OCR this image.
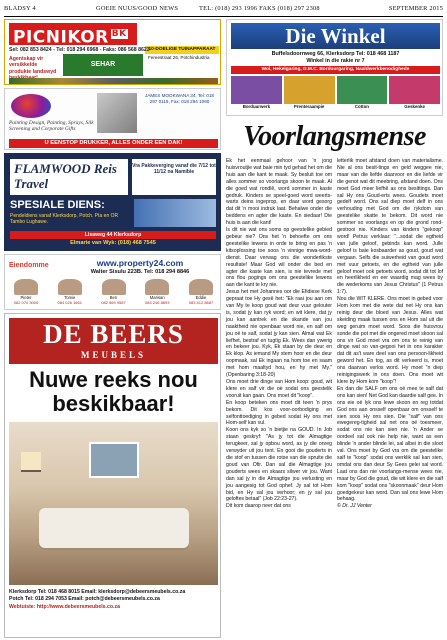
BLADSY 4	GOEIE NUUS/GOOD NEWS	TEL: (018) 293 1996 FAKS (018) 297 2308	SEPTEMBER 2015
PICNIKOR $^{BK}$
10-DOELIGE TUINAPPARAAT
Fereestraat 26, Potchindustria
Sel: 082 853 8424 - Tel: 018 294 6968 - Faks: 086 568 8623
Agentskap vir versikkelde produkte landswyd
SEHAR
Painting Design, Painting, Sprays, Silk Screening and Corporate Gifts
JAMES MOOKWANA 34, Tel: 018 297 0119, Fax: 018 294 1060
U EENSTOP DRUKKER, ALLES ONDER EEN DAK!
FLAMWOOD Reis Travel
Vra Pakkeverging vanaf die 7/12 tot 11/12 na Namibie
SPESIALE DIENS:
Pendeldiens vanaf Klerksdorp, Potch. Pta en OR Tambo Lughawe.
Lisaweg 44 Klerksdorp
Elmarie van Wyk: (018) 468 7545
Eiendomme	www.property24.com
Walter Sisulu 223B. Tel: 018 294 8846
Pieter
082 070 3000
Tomie
084 026 1661
Ben
082 569 9587
Marisan
084 246 8893
Eddie
083 412 8687
DE BEERS
MEUBELS
Nuwe reeks nou beskikbaar!
Klerksdorp Tel: 018 468 8015 Email: klerksdorp@debeersmeubels.co.za
Potch Tel: 018 294 7053 Email: potch@debeersmeubels.co.za
Webtuiste: http://www.debeersmeubels.co.za
Die Winkel
Buffelsdoornweg 66, Klerksdorp Tel: 018 468 1187
Winkel in die rakie nr 7
Wol, Hekelgaring, D.M.C. Borduurgaring, Naaldwerkbenodighede
Borduurwerk	Prenteraampie	Cotton	Geskenke
Voorlangsmense

Ek het eenmaal gehoor van 'n jong huisvroutjie wat baie min tyd gehad het om die huis aan die kant te maak. Sy besluit toe om alles sommer so voorlangs skoon te maak. Al die goed wat rondlê, word sommer in kaste gedruk. Kinders se speel-goed word weerts-warts deins ingeprop, en daar word gesorg dat dit 'n mooi indruk laat. Behalwe onder die beddens en agter die kaste. En siedaar! Die huis is aan die kant!

Is dit nie wat ons soms op geestelike gebied gebeur nie? Ons het 'n behoefte om ons geestelike lewens in orde te bring en pas 'n kitsoplossing toe soos 'n vinnige mwa-word-dienst. Daar verwag ons die wonderlikste resultate! Maar God wil onder die bed en agter die kaste kan sien, is nie tevrede met ons flou pogings om ons geestelike lewens aan die kant te kry nie.

Jesus het met Johannes oor die Efidiese Kerk gepraat toe Hy gesê het: "Ek raai jou aan om van My te koop goud wat deur vuur gelouter is, sodat jy kan ryk word; en wit klere, dat jy jou kan aantrek en die skande van jou naaktheid nie openbaar word nie, en salf om jou oë te salf, sodat jy kan sien. Almal wat Ek liefhet, bestraf en tugtig Ek. Wees dan ywerig en bekeer jou. Kyk, Ek staan by die deur en Ek klop. As iemand My stem hoor en die deur oopmaak, sal Ek ingaan na hom toe en saam met hom maaltyd hou, en hy met My." (Openbaring 3:18-20)

Ons moet drie dinge van Hom koop: goud, wit klere en salf vir die oë sodat ons geestelik vooruit kan gaan. Ons moet dit "koop".

En koop beteken ons moet dit teen 'n prys bekom. Dit kos voor-oorbodiging en selfonttoediging in gebed sodat Hy ons met Hom-self kan vul.

Koon ons kyk so 'n bietjie na GOUD. In Job staan geskryf: "As jy tot die Almagtige terugkeer, sal jy opbou word, as jy die onreg verwyder uit jou tent. En gooi die gouderts in die stof en tussen die rotse van die spruite die goud van Ofir. Dan sal die Almagtige jou gouderts wees en skaars silwer vir jou. Want dan sal jy in die Almagtige jou verlusting en jou aangesig tot God ophef. Jy sal tot Hom bid, en Hy sal jou verhoor; en jy sal jou geloftes betaal" (Job 22:23-27).

Dit kom daarop neer dat ons

letterlik moet afstand doen van materialisme. Nie al ons besit-tings en geld weggee nie, maar van die liefde daarvoor en die liefde vir die genot wat dit meebring, afstand doen. Ons moet God meer liefhê as ons besittings. Dan sal Hy ons Goud-erts wees. Goudets moet gedelf word. Ons sal diep moet delf in ons verhouding met God om die rykdom van geestelike skatte te bekom. Dit word nie sommer so voorlangs en op die grond rond-gestrooi nie. Kinders van kinders "gekoop" word! Petrus verklaar: "...sodat die egtheid van julle geloof, gebinds kan word. Julle geloof is baie kosbaarder as goud, goud wat vergaan. Selfs die suiwerheid van goud word met vuur getoets, en die egtheid van julle geloof moet ook getoets word, sodat dit tot lof en heerlikheid en eer waardig mag wees by die wederkoms van Jesus Christus" (1 Petrus 1:7).

Nou die WIT KLERE. Ons moet in gebed voor Hom kom met die wete dat net Hy ons kan reinig deur die bloed van Jesus. Alles wat skeiding maak tussen ons en Hom sal uit die weg geruim moet word. Soos die huisvrou sonde die pot met die ongered moet skoon sal ons vir God moet vra om ons te reinig van dinge wat so van-gegooi het in ons karakter dat dit as't ware deel van ons persoon-likheid geword het. En tog, as dit verkeerd is, moet ons daarvan verlos word. Hy moet "n diep reinigingswerk in ons doen. Ons moet wit klere by Hom kom "koop"!

En dan die SALF om ons oë mee te salf dat ons kan sien! Net God kan daardie salf gee. In ons eie oë lyk ons lewe skoon en reg totdat God ons aan onsself openbaar om onsself te sien soos Hy ons sien. Die "salf" van ons ewegereg-tigheid sal net ons oë toesmeer, sodat ons nie kan sien nie. 'n Ander se oordeel sal ook nie help nie, want as een blinde 'n ander blinde lei, sal albei in die sloot val. Ons moet by God vra om die geestelike salf te "koop" sodat ons werklik sal kan sien, omdat ons dan deur Sy Gees gelei sal word. Laat ons dan nie voorlangs-mense wees nie, maar by God die goud, die wit klere en die salf kom "koop" sodat ons "skoonmaak" deur Hom goedgekeur kan word. Dan sal ons lewe Hom behaag.

© Dr. JJ Venter
